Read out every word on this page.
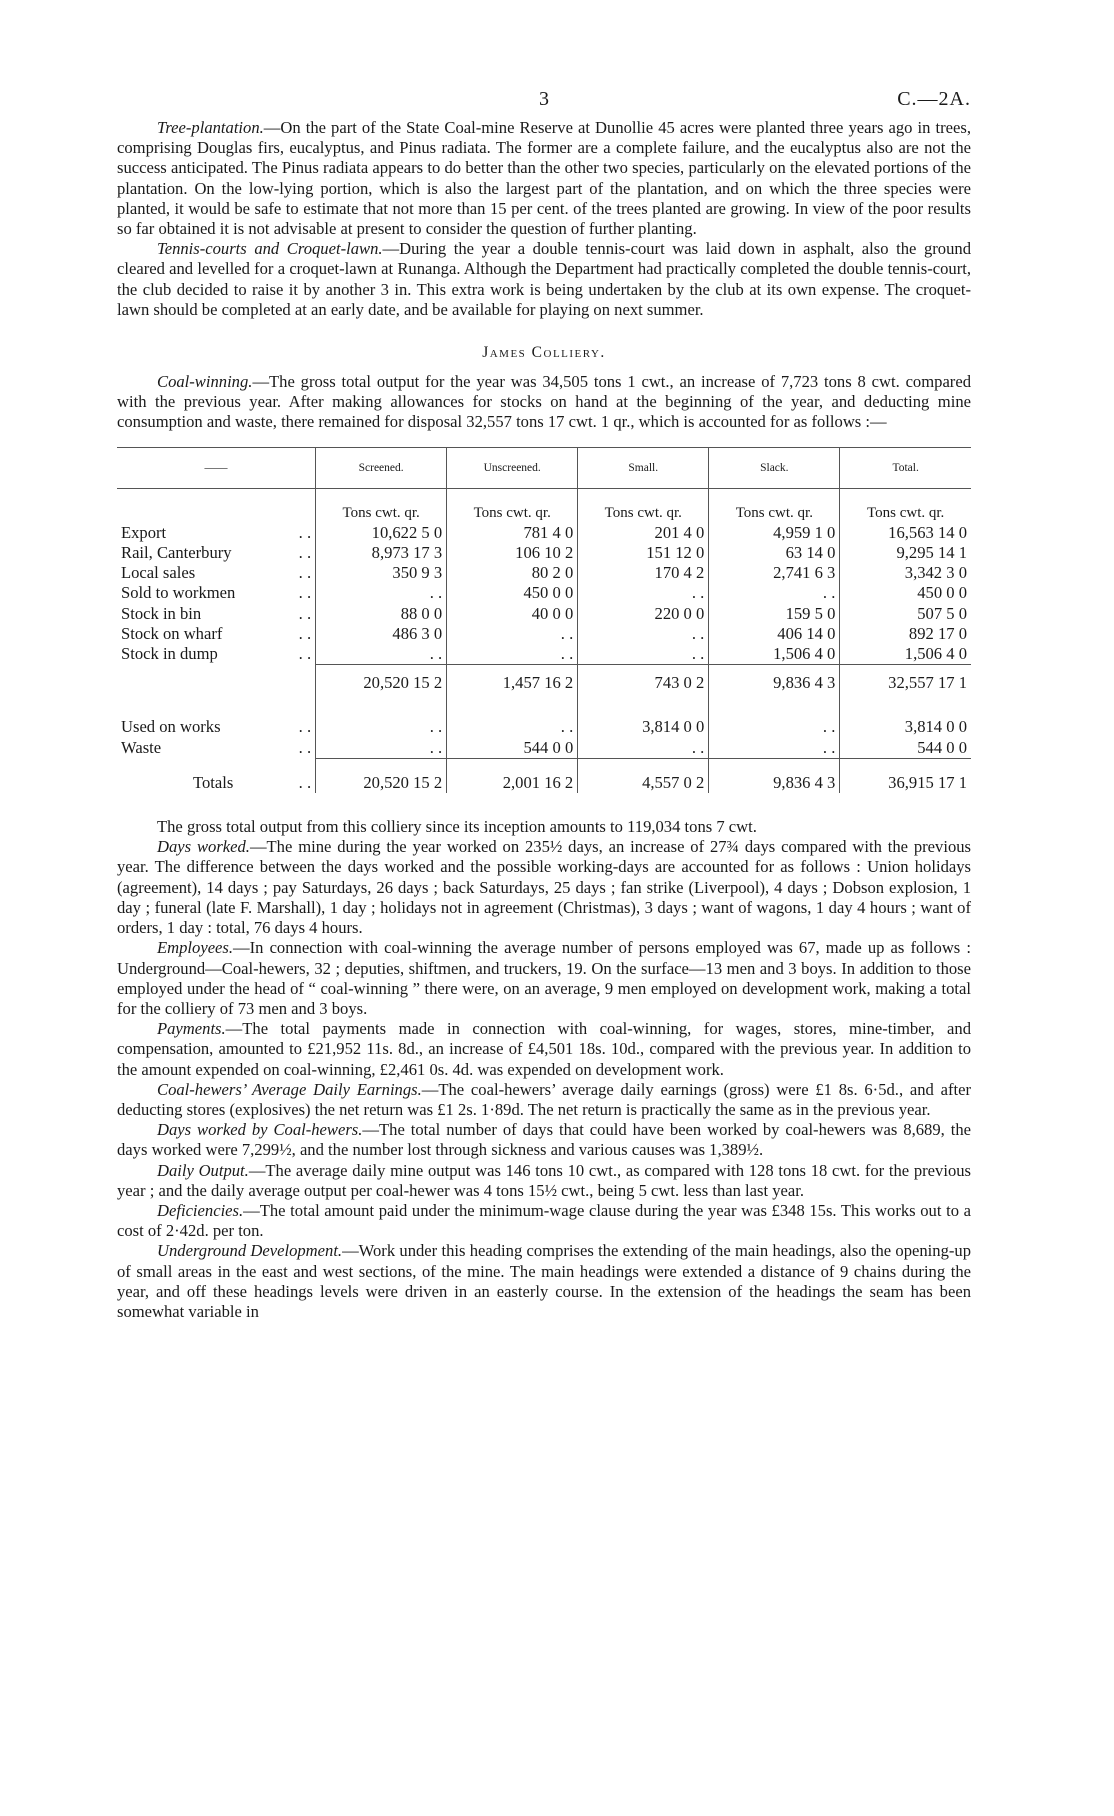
3	C.—2A.

Tree-plantation.—On the part of the State Coal-mine Reserve at Dunollie 45 acres were planted three years ago in trees, comprising Douglas firs, eucalyptus, and Pinus radiata. The former are a complete failure, and the eucalyptus also are not the success anticipated. The Pinus radiata appears to do better than the other two species, particularly on the elevated portions of the plantation. On the low-lying portion, which is also the largest part of the plantation, and on which the three species were planted, it would be safe to estimate that not more than 15 per cent. of the trees planted are growing. In view of the poor results so far obtained it is not advisable at present to consider the question of further planting.

Tennis-courts and Croquet-lawn.—During the year a double tennis-court was laid down in asphalt, also the ground cleared and levelled for a croquet-lawn at Runanga. Although the Department had practically completed the double tennis-court, the club decided to raise it by another 3 in. This extra work is being undertaken by the club at its own expense. The croquet-lawn should be completed at an early date, and be available for playing on next summer.

James Colliery.

Coal-winning.—The gross total output for the year was 34,505 tons 1 cwt., an increase of 7,723 tons 8 cwt. compared with the previous year. After making allowances for stocks on hand at the beginning of the year, and deducting mine consumption and waste, there remained for disposal 32,557 tons 17 cwt. 1 qr., which is accounted for as follows :—

——		Screened.	Unscreened.	Small.	Slack.	Total.
		Tons cwt. qr.	Tons cwt. qr.	Tons cwt. qr.	Tons cwt. qr.	Tons cwt. qr.
Export	. .	10,622 5 0	781 4 0	201 4 0	4,959 1 0	16,563 14 0
Rail, Canterbury	. .	8,973 17 3	106 10 2	151 12 0	63 14 0	9,295 14 1
Local sales	. .	350 9 3	80 2 0	170 4 2	2,741 6 3	3,342 3 0
Sold to workmen	. .	. .	450 0 0	. .	. .	450 0 0
Stock in bin	. .	88 0 0	40 0 0	220 0 0	159 5 0	507 5 0
Stock on wharf	. .	486 3 0	. .	. .	406 14 0	892 17 0
Stock in dump	. .	. .	. .	. .	1,506 4 0	1,506 4 0
		20,520 15 2	1,457 16 2	743 0 2	9,836 4 3	32,557 17 1
Used on works	. .	. .	. .	3,814 0 0	. .	3,814 0 0
Waste	. .	. .	544 0 0	. .	. .	544 0 0
Totals	. .	20,520 15 2	2,001 16 2	4,557 0 2	9,836 4 3	36,915 17 1

The gross total output from this colliery since its inception amounts to 119,034 tons 7 cwt.

Days worked.—The mine during the year worked on 235½ days, an increase of 27¾ days compared with the previous year. The difference between the days worked and the possible working-days are accounted for as follows : Union holidays (agreement), 14 days ; pay Saturdays, 26 days ; back Saturdays, 25 days ; fan strike (Liverpool), 4 days ; Dobson explosion, 1 day ; funeral (late F. Marshall), 1 day ; holidays not in agreement (Christmas), 3 days ; want of wagons, 1 day 4 hours ; want of orders, 1 day : total, 76 days 4 hours.

Employees.—In connection with coal-winning the average number of persons employed was 67, made up as follows : Underground—Coal-hewers, 32 ; deputies, shiftmen, and truckers, 19. On the surface—13 men and 3 boys. In addition to those employed under the head of “ coal-winning ” there were, on an average, 9 men employed on development work, making a total for the colliery of 73 men and 3 boys.

Payments.—The total payments made in connection with coal-winning, for wages, stores, mine-timber, and compensation, amounted to £21,952 11s. 8d., an increase of £4,501 18s. 10d., compared with the previous year. In addition to the amount expended on coal-winning, £2,461 0s. 4d. was expended on development work.

Coal-hewers’ Average Daily Earnings.—The coal-hewers’ average daily earnings (gross) were £1 8s. 6·5d., and after deducting stores (explosives) the net return was £1 2s. 1·89d. The net return is practically the same as in the previous year.

Days worked by Coal-hewers.—The total number of days that could have been worked by coal-hewers was 8,689, the days worked were 7,299½, and the number lost through sickness and various causes was 1,389½.

Daily Output.—The average daily mine output was 146 tons 10 cwt., as compared with 128 tons 18 cwt. for the previous year ; and the daily average output per coal-hewer was 4 tons 15½ cwt., being 5 cwt. less than last year.

Deficiencies.—The total amount paid under the minimum-wage clause during the year was £348 15s. This works out to a cost of 2·42d. per ton.

Underground Development.—Work under this heading comprises the extending of the main headings, also the opening-up of small areas in the east and west sections, of the mine. The main headings were extended a distance of 9 chains during the year, and off these headings levels were driven in an easterly course. In the extension of the headings the seam has been somewhat variable in
